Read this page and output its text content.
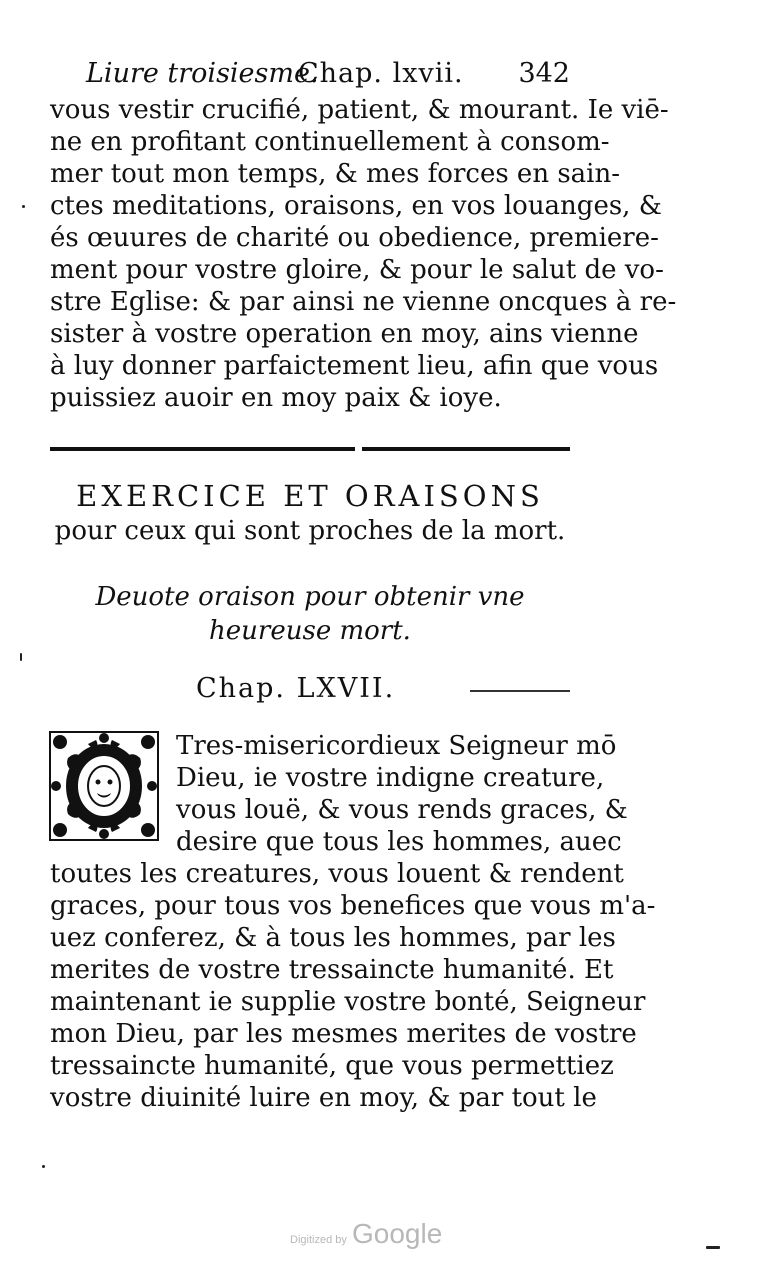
Liure troisiesme.
Chap. lxvii. 342
vous vestir crucifié, patient, & mourant. Ie viē-
ne en profitant continuellement à consom-
mer tout mon temps, & mes forces en sain-
ctes meditations, oraisons, en vos louanges, &
és œuures de charité ou obedience, premiere-
ment pour vostre gloire, & pour le salut de vo-
stre Eglise: & par ainsi ne vienne oncques à re-
sister à vostre operation en moy, ains vienne
à luy donner parfaictement lieu, afin que vous
puissiez auoir en moy paix & ioye.
EXERCICE ET ORAISONS
pour ceux qui sont proches de la mort.
Deuote oraison pour obtenir vne
heureuse mort.
Chap. LXVII.
Tres-misericordieux Seigneur mō
Dieu, ie vostre indigne creature,
vous louë, & vous rends graces, &
desire que tous les hommes, auec
toutes les creatures, vous louent & rendent
graces, pour tous vos benefices que vous m'a-
uez conferez, & à tous les hommes, par les
merites de vostre tressaincte humanité. Et
maintenant ie supplie vostre bonté, Seigneur
mon Dieu, par les mesmes merites de vostre
tressaincte humanité, que vous permettiez
vostre diuinité luire en moy, & par tout le
Digitized by Google
